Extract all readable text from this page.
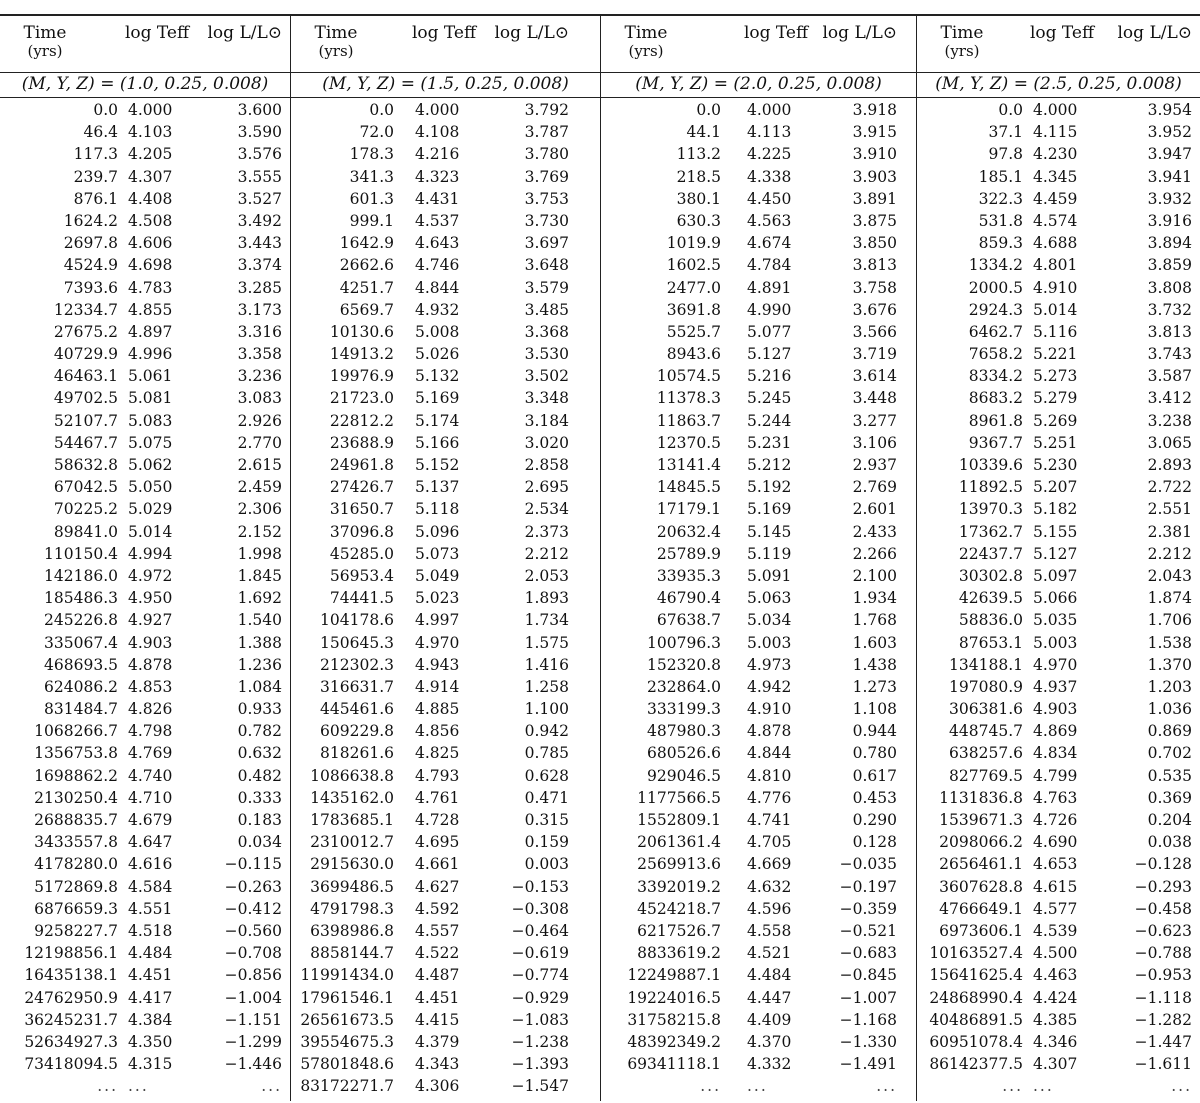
Time
(yrs)
log Teff	log L/L⊙
(M, Y, Z) = (1.0, 0.25, 0.008)
0.0 4.000	3.600
46.4 4.103	3.590
117.3 4.205	3.576
239.7 4.307	3.555
876.1 4.408	3.527
1624.2 4.508	3.492
2697.8 4.606	3.443
4524.9 4.698	3.374
7393.6 4.783	3.285
12334.7 4.855	3.173
27675.2 4.897	3.316
40729.9 4.996	3.358
46463.1 5.061	3.236
49702.5 5.081	3.083
52107.7 5.083	2.926
54467.7 5.075	2.770
58632.8 5.062	2.615
67042.5 5.050	2.459
70225.2 5.029	2.306
89841.0 5.014	2.152
110150.4 4.994	1.998
142186.0 4.972	1.845
185486.3 4.950	1.692
245226.8 4.927	1.540
335067.4 4.903	1.388
468693.5 4.878	1.236
624086.2 4.853	1.084
831484.7 4.826	0.933
1068266.7 4.798	0.782
1356753.8 4.769	0.632
1698862.2 4.740	0.482
2130250.4 4.710	0.333
2688835.7 4.679	0.183
3433557.8 4.647	0.034
4178280.0 4.616	−0.115
5172869.8 4.584	−0.263
6876659.3 4.551	−0.412
9258227.7 4.518	−0.560
12198856.1 4.484	−0.708
16435138.1 4.451	−0.856
24762950.9 4.417	−1.004
36245231.7 4.384	−1.151
52634927.3 4.350	−1.299
73418094.5 4.315	−1.446
... ...	...
Time
(yrs)
log Teff	log L/L⊙
(M, Y, Z) = (1.5, 0.25, 0.008)
0.0 4.000	3.792
72.0 4.108	3.787
178.3 4.216	3.780
341.3 4.323	3.769
601.3 4.431	3.753
999.1 4.537	3.730
1642.9 4.643	3.697
2662.6 4.746	3.648
4251.7 4.844	3.579
6569.7 4.932	3.485
10130.6 5.008	3.368
14913.2 5.026	3.530
19976.9 5.132	3.502
21723.0 5.169	3.348
22812.2 5.174	3.184
23688.9 5.166	3.020
24961.8 5.152	2.858
27426.7 5.137	2.695
31650.7 5.118	2.534
37096.8 5.096	2.373
45285.0 5.073	2.212
56953.4 5.049	2.053
74441.5 5.023	1.893
104178.6 4.997	1.734
150645.3 4.970	1.575
212302.3 4.943	1.416
316631.7 4.914	1.258
445461.6 4.885	1.100
609229.8 4.856	0.942
818261.6 4.825	0.785
1086638.8 4.793	0.628
1435162.0 4.761	0.471
1783685.1 4.728	0.315
2310012.7 4.695	0.159
2915630.0 4.661	0.003
3699486.5 4.627	−0.153
4791798.3 4.592	−0.308
6398986.8 4.557	−0.464
8858144.7 4.522	−0.619
11991434.0 4.487	−0.774
17961546.1 4.451	−0.929
26561673.5 4.415	−1.083
39554675.3 4.379	−1.238
57801848.6 4.343	−1.393
83172271.7 4.306	−1.547
Time
(yrs)
log Teff log L/L⊙
(M, Y, Z) = (2.0, 0.25, 0.008)
0.0 4.000	3.918
44.1 4.113	3.915
113.2 4.225	3.910
218.5 4.338	3.903
380.1 4.450	3.891
630.3 4.563	3.875
1019.9 4.674	3.850
1602.5 4.784	3.813
2477.0 4.891	3.758
3691.8 4.990	3.676
5525.7 5.077	3.566
8943.6 5.127	3.719
10574.5 5.216	3.614
11378.3 5.245	3.448
11863.7 5.244	3.277
12370.5 5.231	3.106
13141.4 5.212	2.937
14845.5 5.192	2.769
17179.1 5.169	2.601
20632.4 5.145	2.433
25789.9 5.119	2.266
33935.3 5.091	2.100
46790.4 5.063	1.934
67638.7 5.034	1.768
100796.3 5.003	1.603
152320.8 4.973	1.438
232864.0 4.942	1.273
333199.3 4.910	1.108
487980.3 4.878	0.944
680526.6 4.844	0.780
929046.5 4.810	0.617
1177566.5 4.776	0.453
1552809.1 4.741	0.290
2061361.4 4.705	0.128
2569913.6 4.669	−0.035
3392019.2 4.632	−0.197
4524218.7 4.596	−0.359
6217526.7 4.558	−0.521
8833619.2 4.521	−0.683
12249887.1 4.484	−0.845
19224016.5 4.447	−1.007
31758215.8 4.409	−1.168
48392349.2 4.370	−1.330
69341118.1 4.332	−1.491
... ...	...
Time
(yrs)
log Teff	log L/L⊙
(M, Y, Z) = (2.5, 0.25, 0.008)
0.0 4.000	3.954
37.1 4.115	3.952
97.8 4.230	3.947
185.1 4.345	3.941
322.3 4.459	3.932
531.8 4.574	3.916
859.3 4.688	3.894
1334.2 4.801	3.859
2000.5 4.910	3.808
2924.3 5.014	3.732
6462.7 5.116	3.813
7658.2 5.221	3.743
8334.2 5.273	3.587
8683.2 5.279	3.412
8961.8 5.269	3.238
9367.7 5.251	3.065
10339.6 5.230	2.893
11892.5 5.207	2.722
13970.3 5.182	2.551
17362.7 5.155	2.381
22437.7 5.127	2.212
30302.8 5.097	2.043
42639.5 5.066	1.874
58836.0 5.035	1.706
87653.1 5.003	1.538
134188.1 4.970	1.370
197080.9 4.937	1.203
306381.6 4.903	1.036
448745.7 4.869	0.869
638257.6 4.834	0.702
827769.5 4.799	0.535
1131836.8 4.763	0.369
1539671.3 4.726	0.204
2098066.2 4.690	0.038
2656461.1 4.653	−0.128
3607628.8 4.615	−0.293
4766649.1 4.577	−0.458
6973606.1 4.539	−0.623
10163527.4 4.500	−0.788
15641625.4 4.463	−0.953
24868990.4 4.424	−1.118
40486891.5 4.385	−1.282
60951078.4 4.346	−1.447
86142377.5 4.307	−1.611
... ...	...
